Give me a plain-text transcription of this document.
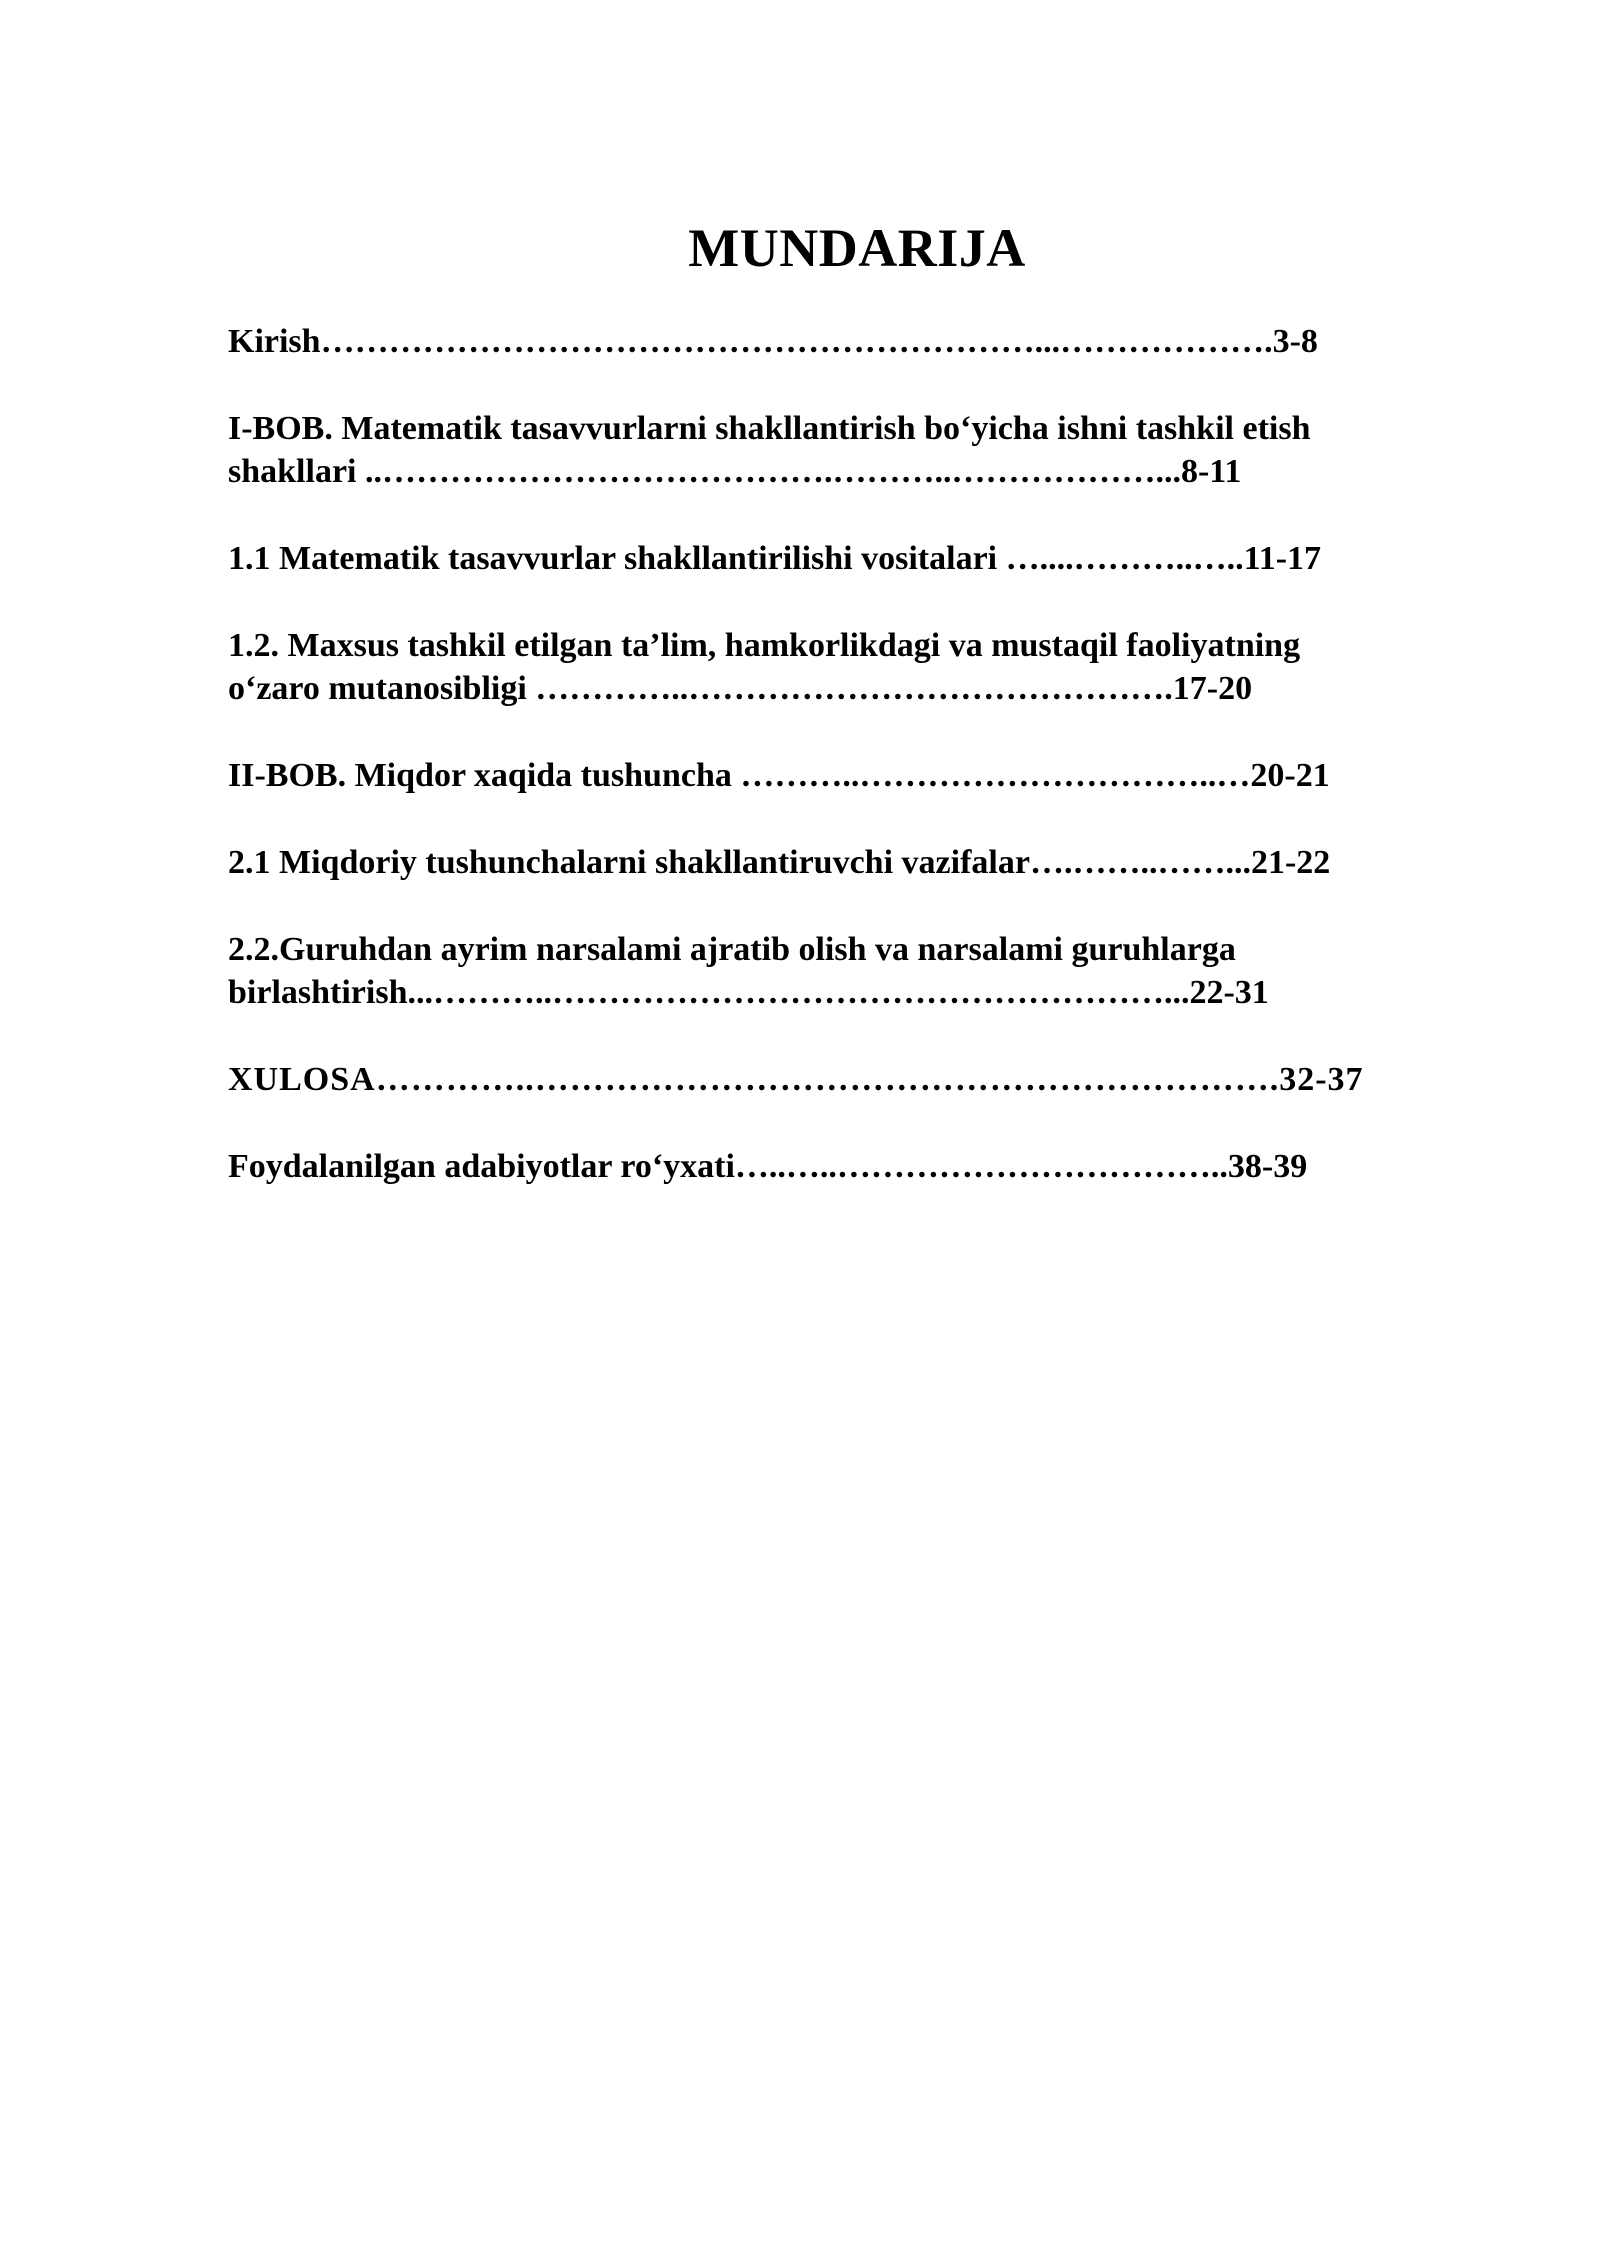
MUNDARIJA
Kirish………………………………………………………...……………….3-8
I-BOB. Matematik tasavvurlarni shakllantirish bo‘yicha ishni tashkil etish
shakllari ..………………………………….………..………………...8-11
1.1 Matematik tasavvurlar shakllantirilishi vositalari …....………..…..11-17
1.2. Maxsus tashkil etilgan ta’lim, hamkorlikdagi va mustaqil faoliyatning
o‘zaro mutanosibligi …………..…………………………………….17-20
II-BOB. Miqdor xaqida tushuncha ………..…………………………..…20-21
2.1 Miqdoriy tushunchalarni shakllantiruvchi vazifalar….……..……...21-22
2.2.Guruhdan ayrim narsalami ajratib olish va narsalami guruhlarga
birlashtirish...………..………………………………………………...22-31
XULOSA…………..……………………………………………………….32-37
Foydalanilgan adabiyotlar ro‘yxati…..…..……………………………..38-39
